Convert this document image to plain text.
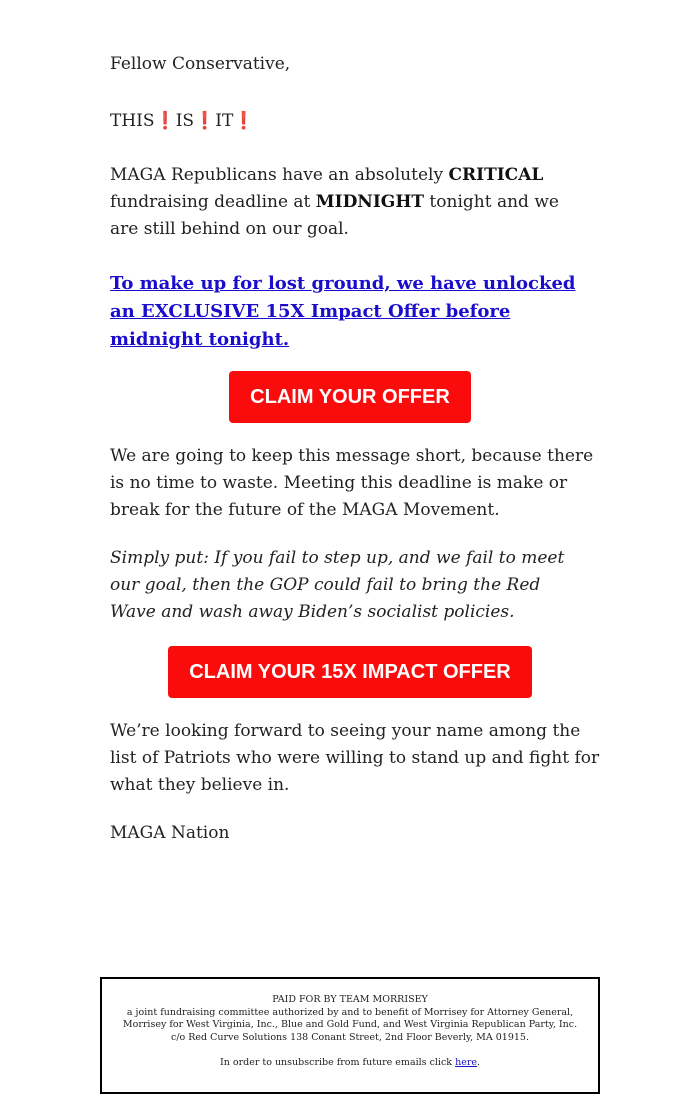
Fellow Conservative,

THIS❗IS❗IT❗

MAGA Republicans have an absolutely CRITICAL fundraising deadline at MIDNIGHT tonight and we are still behind on our goal.

To make up for lost ground, we have unlocked an EXCLUSIVE 15X Impact Offer before midnight tonight.

CLAIM YOUR OFFER

We are going to keep this message short, because there is no time to waste. Meeting this deadline is make or break for the future of the MAGA Movement.

Simply put: If you fail to step up, and we fail to meet our goal, then the GOP could fail to bring the Red Wave and wash away Biden’s socialist policies.

CLAIM YOUR 15X IMPACT OFFER

We’re looking forward to seeing your name among the list of Patriots who were willing to stand up and fight for what they believe in.

MAGA Nation

PAID FOR BY TEAM MORRISEY
a joint fundraising committee authorized by and to benefit of Morrisey for Attorney General,
Morrisey for West Virginia, Inc., Blue and Gold Fund, and West Virginia Republican Party, Inc.
c/o Red Curve Solutions 138 Conant Street, 2nd Floor Beverly, MA 01915.
In order to unsubscribe from future emails click here.
